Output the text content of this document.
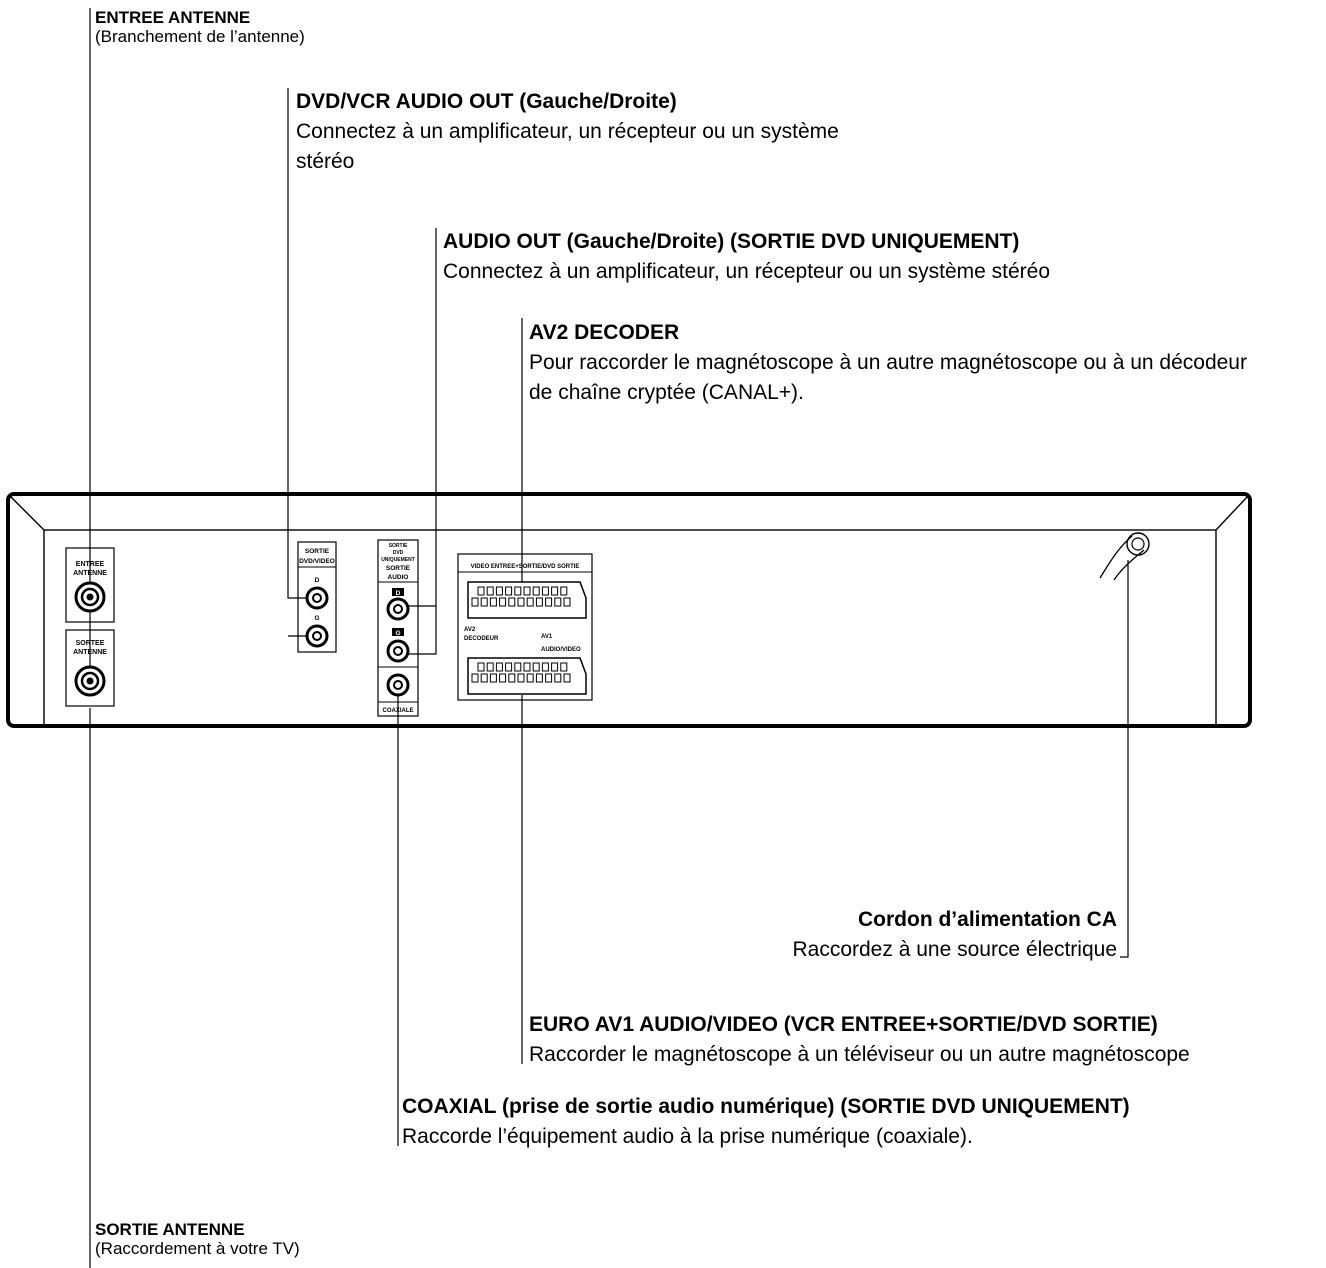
ENTREE
ANTENNE
SORTEE
ANTENNE
SORTIE
DVD/VIDEO
D
G
SORTIE
DVD
UNIQUEMENT
SORTIE
AUDIO
D
G
COAXIALE
VIDEO ENTREE+SORTIE/DVD SORTIE
AV2
DECODEUR	AV1
AUDIO/VIDEO
ENTREE ANTENNE
(Branchement de l’antenne)
DVD/VCR AUDIO OUT (Gauche/Droite)
Connectez à un amplificateur, un récepteur ou un système stéréo
AUDIO OUT (Gauche/Droite) (SORTIE DVD UNIQUEMENT)
Connectez à un amplificateur, un récepteur ou un système stéréo
AV2 DECODER
Pour raccorder le magnétoscope à un autre magnétoscope ou à un décodeur de chaîne cryptée (CANAL+).
Cordon d’alimentation CA
Raccordez à une source électrique
EURO AV1 AUDIO/VIDEO (VCR ENTREE+SORTIE/DVD SORTIE)
Raccorder le magnétoscope à un téléviseur ou un autre magnétoscope
COAXIAL (prise de sortie audio numérique) (SORTIE DVD UNIQUEMENT)
Raccorde l’équipement audio à la prise numérique (coaxiale).
SORTIE ANTENNE
(Raccordement à votre TV)
